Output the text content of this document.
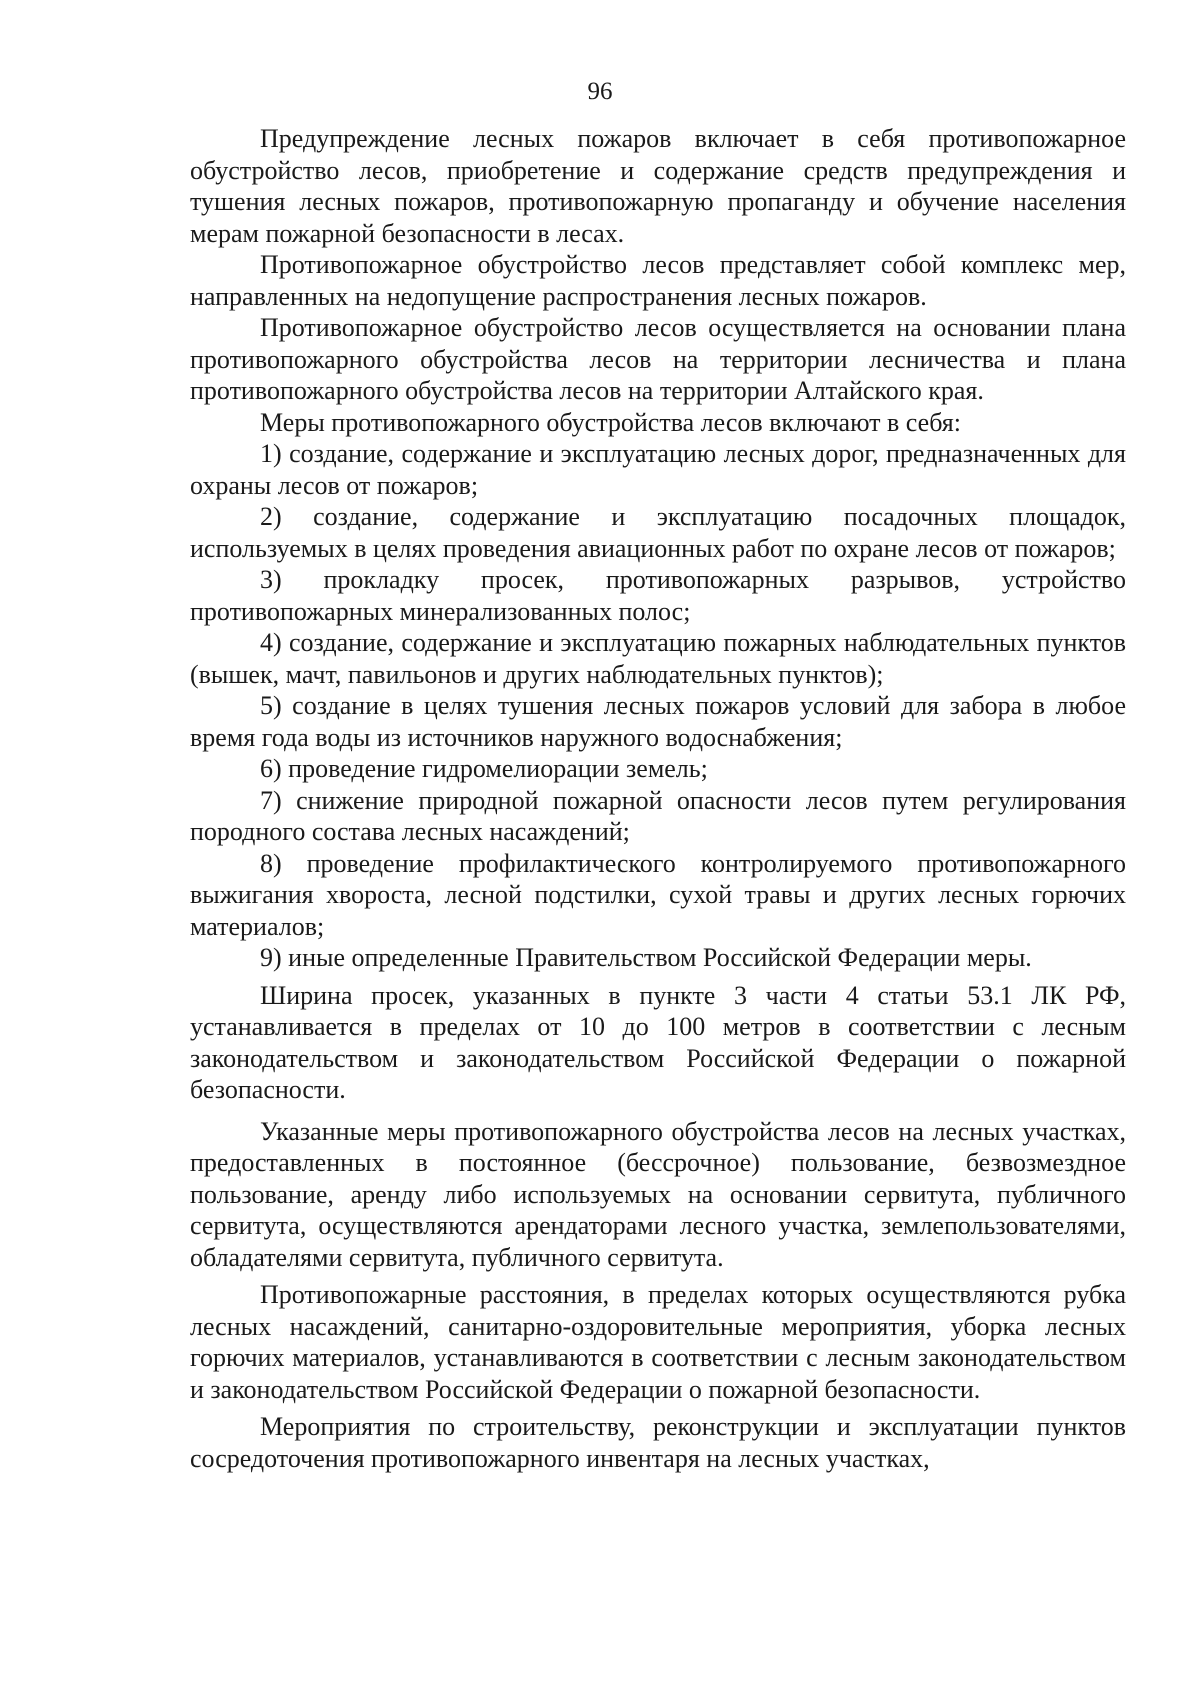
96

Предупреждение лесных пожаров включает в себя противопожарное обустройство лесов, приобретение и содержание средств предупреждения и тушения лесных пожаров, противопожарную пропаганду и обучение населения мерам пожарной безопасности в лесах.

Противопожарное обустройство лесов представляет собой комплекс мер, направленных на недопущение распространения лесных пожаров.

Противопожарное обустройство лесов осуществляется на основании плана противопожарного обустройства лесов на территории лесничества и плана противопожарного обустройства лесов на территории Алтайского края.

Меры противопожарного обустройства лесов включают в себя:

1) создание, содержание и эксплуатацию лесных дорог, предназначенных для охраны лесов от пожаров;

2) создание, содержание и эксплуатацию посадочных площадок, используемых в целях проведения авиационных работ по охране лесов от пожаров;

3) прокладку просек, противопожарных разрывов, устройство противопожарных минерализованных полос;

4) создание, содержание и эксплуатацию пожарных наблюдательных пунктов (вышек, мачт, павильонов и других наблюдательных пунктов);

5) создание в целях тушения лесных пожаров условий для забора в любое время года воды из источников наружного водоснабжения;

6) проведение гидромелиорации земель;

7) снижение природной пожарной опасности лесов путем регулирования породного состава лесных насаждений;

8) проведение профилактического контролируемого противопожарного выжигания хвороста, лесной подстилки, сухой травы и других лесных горючих материалов;

9) иные определенные Правительством Российской Федерации меры.

Ширина просек, указанных в пункте 3 части 4 статьи 53.1 ЛК РФ, устанавливается в пределах от 10 до 100 метров в соответствии с лесным законодательством и законодательством Российской Федерации о пожарной безопасности.

Указанные меры противопожарного обустройства лесов на лесных участках, предоставленных в постоянное (бессрочное) пользование, безвозмездное пользование, аренду либо используемых на основании сервитута, публичного сервитута, осуществляются арендаторами лесного участка, землепользователями, обладателями сервитута, публичного сервитута.

Противопожарные расстояния, в пределах которых осуществляются рубка лесных насаждений, санитарно-оздоровительные мероприятия, уборка лесных горючих материалов, устанавливаются в соответствии с лесным законодательством и законодательством Российской Федерации о пожарной безопасности.

Мероприятия по строительству, реконструкции и эксплуатации пунктов сосредоточения противопожарного инвентаря на лесных участках,
